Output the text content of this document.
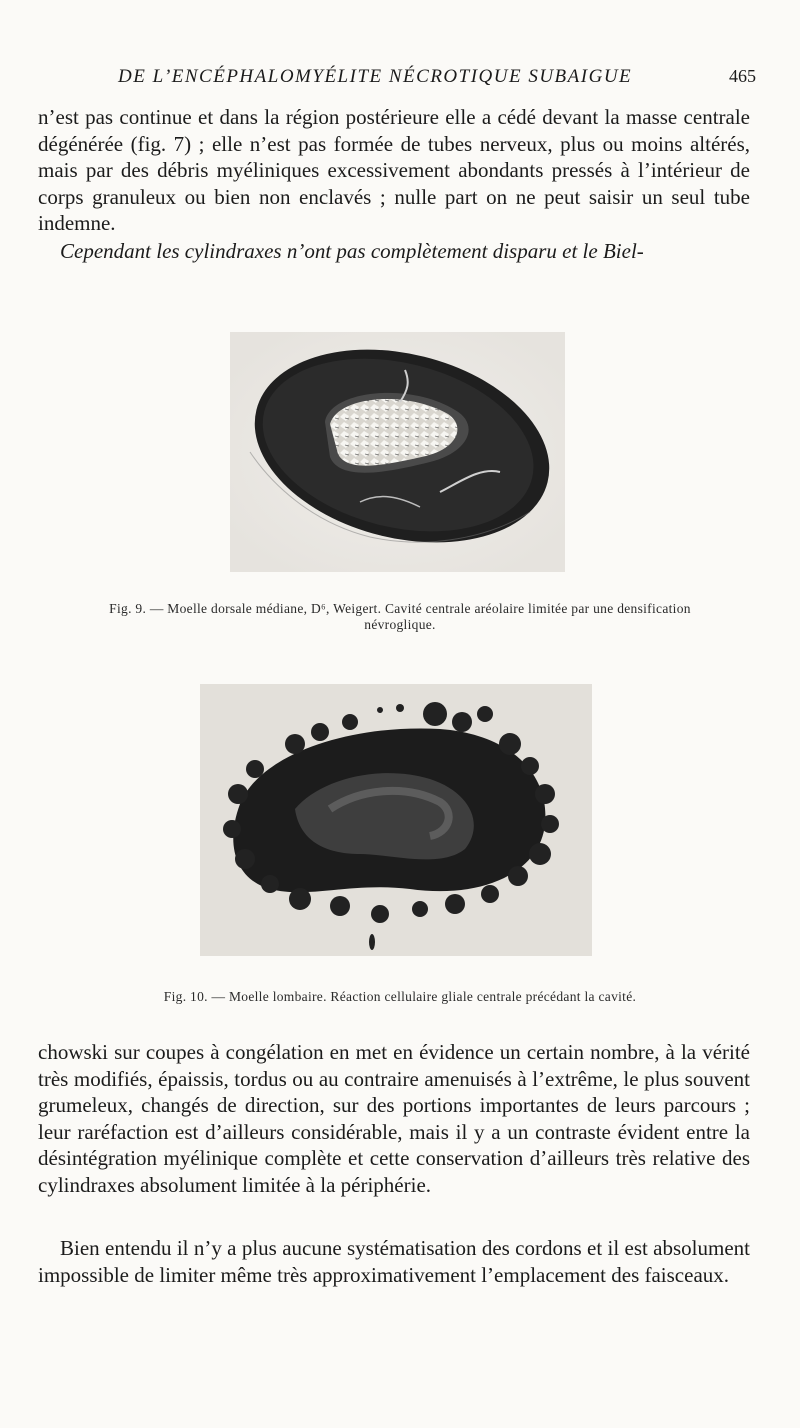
DE L’ENCÉPHALOMYÉLITE NÉCROTIQUE SUBAIGUE	465

n’est pas continue et dans la région postérieure elle a cédé devant la masse centrale dégénérée (fig. 7) ; elle n’est pas formée de tubes nerveux, plus ou moins altérés, mais par des débris myéliniques excessivement abondants pressés à l’intérieur de corps granuleux ou bien non enclavés ; nulle part on ne peut saisir un seul tube indemne.

Cependant les cylindraxes n’ont pas complètement disparu et le Biel-

Fig. 9. — Moelle dorsale médiane, D⁶, Weigert. Cavité centrale aréolaire limitée par une densification névroglique.
Fig. 10. — Moelle lombaire. Réaction cellulaire gliale centrale précédant la cavité.

chowski sur coupes à congélation en met en évidence un certain nombre, à la vérité très modifiés, épaissis, tordus ou au contraire amenuisés à l’extrême, le plus souvent grumeleux, changés de direction, sur des portions importantes de leurs parcours ; leur raréfaction est d’ailleurs considérable, mais il y a un contraste évident entre la désintégration myélinique complète et cette conservation d’ailleurs très relative des cylindraxes absolument limitée à la périphérie.

Bien entendu il n’y a plus aucune systématisation des cordons et il est absolument impossible de limiter même très approximativement l’emplacement des faisceaux.
